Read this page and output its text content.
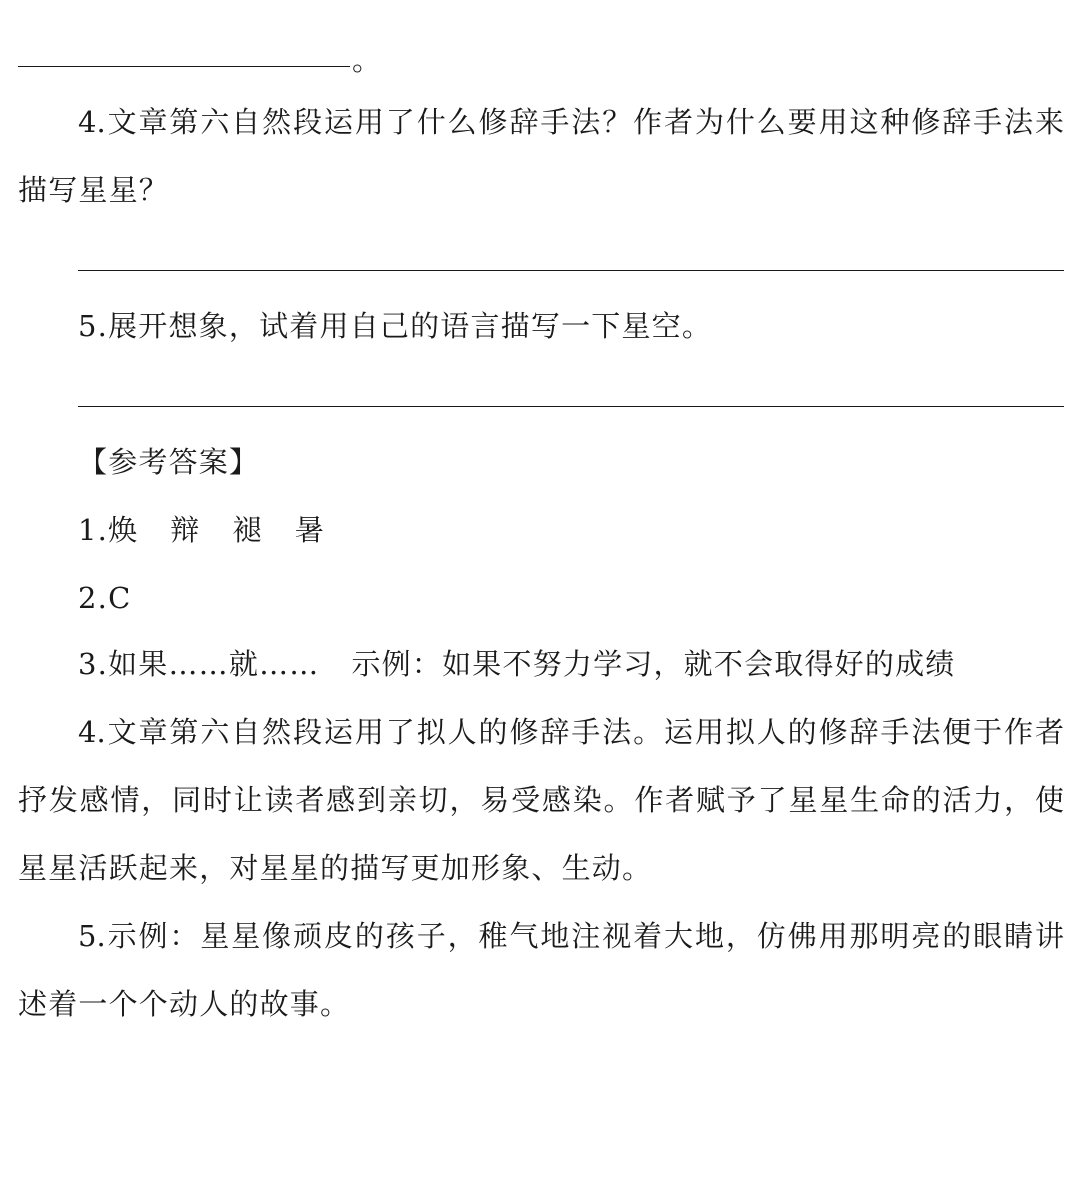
。
4.文章第六自然段运用了什么修辞手法？作者为什么要用这种修辞手法来
描写星星？
5.展开想象，试着用自己的语言描写一下星空。
【参考答案】
1.焕 辩 褪 暑
2.C
3.如果……就…… 示例：如果不努力学习，就不会取得好的成绩
4.文章第六自然段运用了拟人的修辞手法。运用拟人的修辞手法便于作者
抒发感情，同时让读者感到亲切，易受感染。作者赋予了星星生命的活力，使
星星活跃起来，对星星的描写更加形象、生动。
5.示例：星星像顽皮的孩子，稚气地注视着大地，仿佛用那明亮的眼睛讲
述着一个个动人的故事。
